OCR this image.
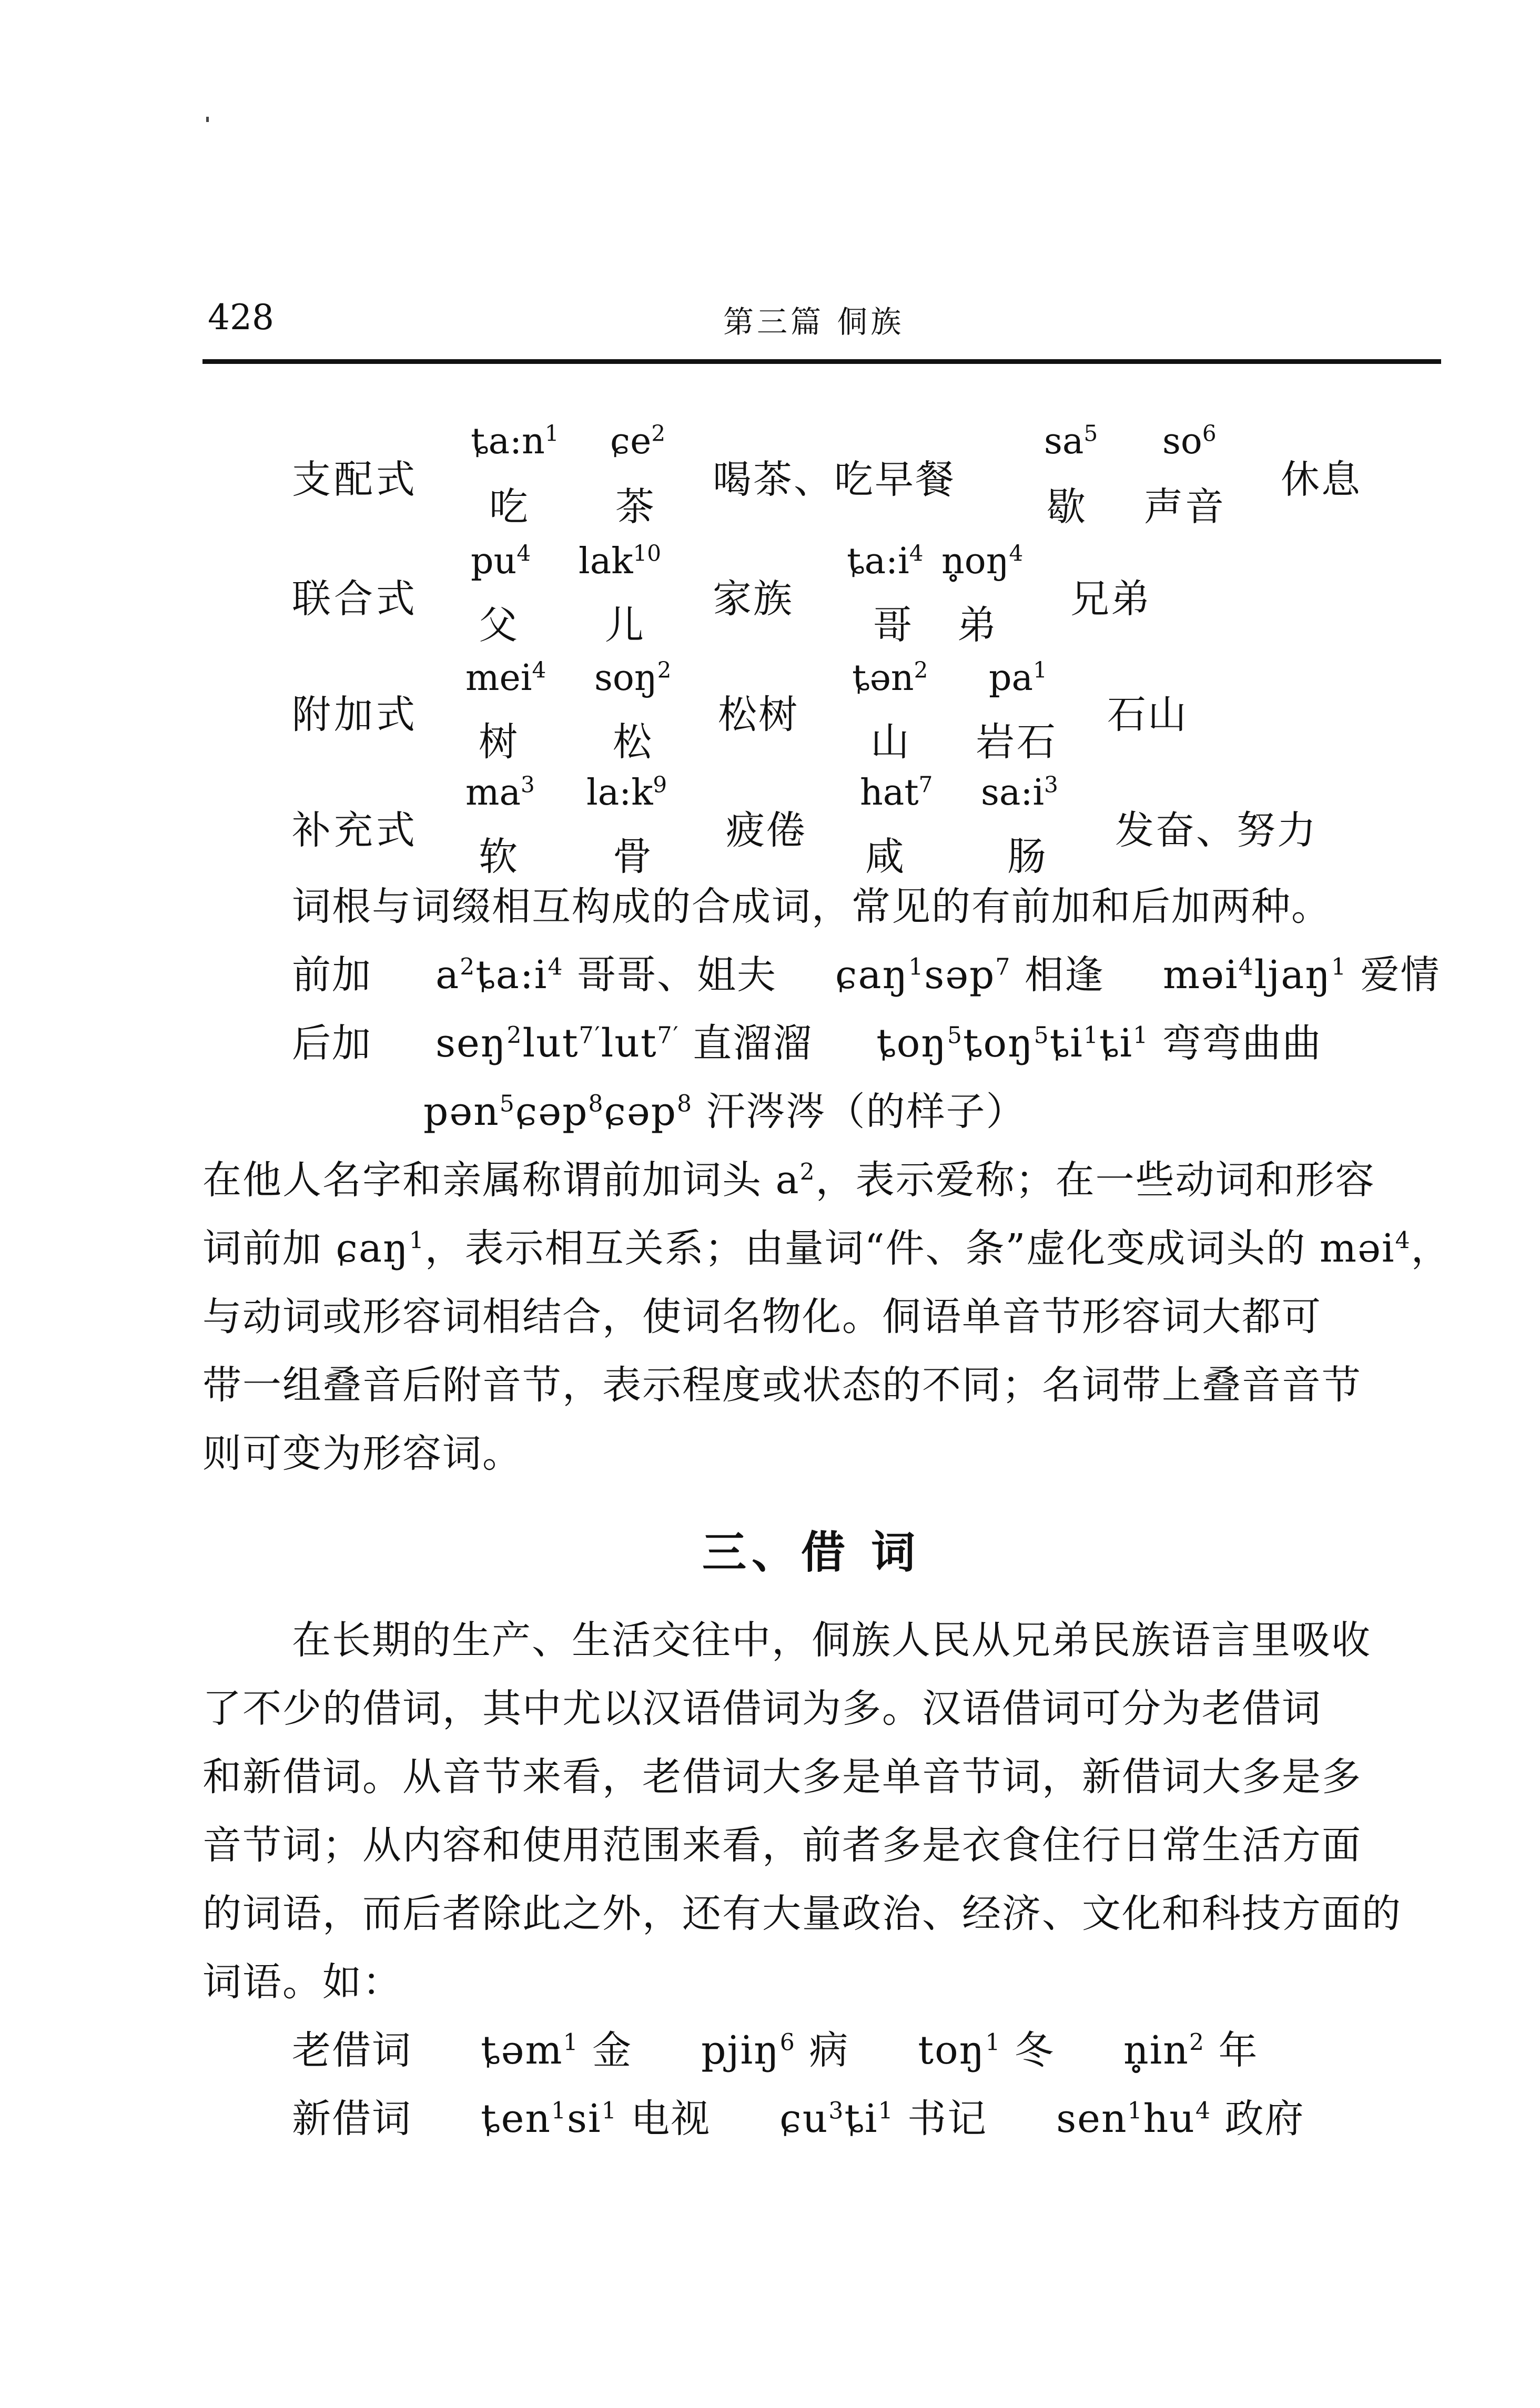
428	第三篇 侗族
支配式
$ȶa:n^1$
吃
ɕe$^2$
茶
喝茶、吃早餐
$sa^5$
歇
$so^6$
声音
休息
联合式
$pu^4$
父
lak$^{10}$
儿
家族
$ȶa:i^4$
哥
$n̥oŋ^4$
弟
兄弟
附加式
mei$^4$
树
soŋ$^2$
松
松树
ȶən$^2$
山
$pa^1$
岩石
石山
补充式
$ma^3$
软
$la:k^9$
骨
疲倦
hat$^7$
咸
$sa:i^3$
肠
发奋、努力
词根与词缀相互构成的合成词，常见的有前加和后加两种。
前加 $a^2ȶa:i^4$ 哥哥、姐夫 ɕaŋ$^1$səp$^7$ 相逢 məi$^4$ljaŋ$^1$ 爱情
后加 seŋ$^2$lut$^{7'}$lut$^{7'}$ 直溜溜 $ȶoŋ^5ȶoŋ^5ȶi^1ȶi^1$ 弯弯曲曲
pən$^5$ɕəp$^8$ɕəp$^8$ 汗涔涔（的样子）
在他人名字和亲属称谓前加词头 $a^2$，表示爱称；在一些动词和形容
词前加 ɕaŋ$^1$，表示相互关系；由量词“件、条”虚化变成词头的 məi$^4$，
与动词或形容词相结合，使词名物化。侗语单音节形容词大都可
带一组叠音后附音节，表示程度或状态的不同；名词带上叠音音节
则可变为形容词。
三、借 词
在长期的生产、生活交往中，侗族人民从兄弟民族语言里吸收
了不少的借词，其中尤以汉语借词为多。汉语借词可分为老借词
和新借词。从音节来看，老借词大多是单音节词，新借词大多是多
音节词；从内容和使用范围来看，前者多是衣食住行日常生活方面
的词语，而后者除此之外，还有大量政治、经济、文化和科技方面的
词语。如：
老借词 ȶəm$^1$ 金 pjiŋ$^6$ 病 toŋ$^1$ 冬 $n̥in^2$ 年
新借词 $ȶen^1si^1$ 电视 $ɕu^3ȶi^1$ 书记 $sen^1hu^4$ 政府
